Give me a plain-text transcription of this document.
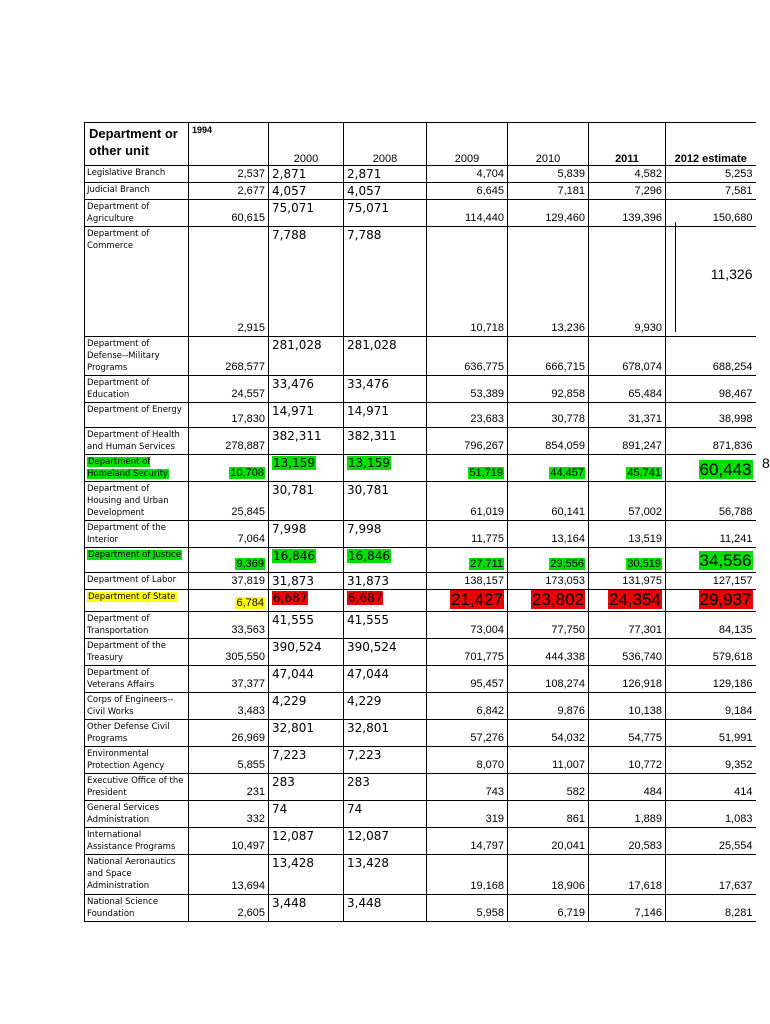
Department or other unit	1994	2000	2008	2009	2010	2011	2012 estimate
Legislative Branch	2,537	2,871	2,871	4,704	5,839	4,582	5,253
Judicial Branch	2,677	4,057	4,057	6,645	7,181	7,296	7,581
Department of Agriculture	60,615	75,071	75,071	114,440	129,460	139,396	150,680
Department of Commerce	2,915	7,788	7,788	10,718	13,236	9,930	11,326
Department of Defense--Military Programs	268,577	281,028	281,028	636,775	666,715	678,074	688,254
Department of Education	24,557	33,476	33,476	53,389	92,858	65,484	98,467
Department of Energy	17,830	14,971	14,971	23,683	30,778	31,371	38,998
Department of Health and Human Services	278,887	382,311	382,311	796,267	854,059	891,247	871,836
Department of Homeland Security	10,708	13,159	13,159	51,719	44,457	45,741	60,443
Department of Housing and Urban Development	25,845	30,781	30,781	61,019	60,141	57,002	56,788
Department of the Interior	7,064	7,998	7,998	11,775	13,164	13,519	11,241
Department of Justice	9,369	16,846	16,846	27,711	29,556	30,519	34,556
Department of Labor	37,819	31,873	31,873	138,157	173,053	131,975	127,157
Department of State	6,784	6,687	6,687	21,427	23,802	24,354	29,937
Department of Transportation	33,563	41,555	41,555	73,004	77,750	77,301	84,135
Department of the Treasury	305,550	390,524	390,524	701,775	444,338	536,740	579,618
Department of Veterans Affairs	37,377	47,044	47,044	95,457	108,274	126,918	129,186
Corps of Engineers--Civil Works	3,483	4,229	4,229	6,842	9,876	10,138	9,184
Other Defense Civil Programs	26,969	32,801	32,801	57,276	54,032	54,775	51,991
Environmental Protection Agency	5,855	7,223	7,223	8,070	11,007	10,772	9,352
Executive Office of the President	231	283	283	743	582	484	414
General Services Administration	332	74	74	319	861	1,889	1,083
International Assistance Programs	10,497	12,087	12,087	14,797	20,041	20,583	25,554
National Aeronautics and Space Administration	13,694	13,428	13,428	19,168	18,906	17,618	17,637
National Science Foundation	2,605	3,448	3,448	5,958	6,719	7,146	8,281
8
